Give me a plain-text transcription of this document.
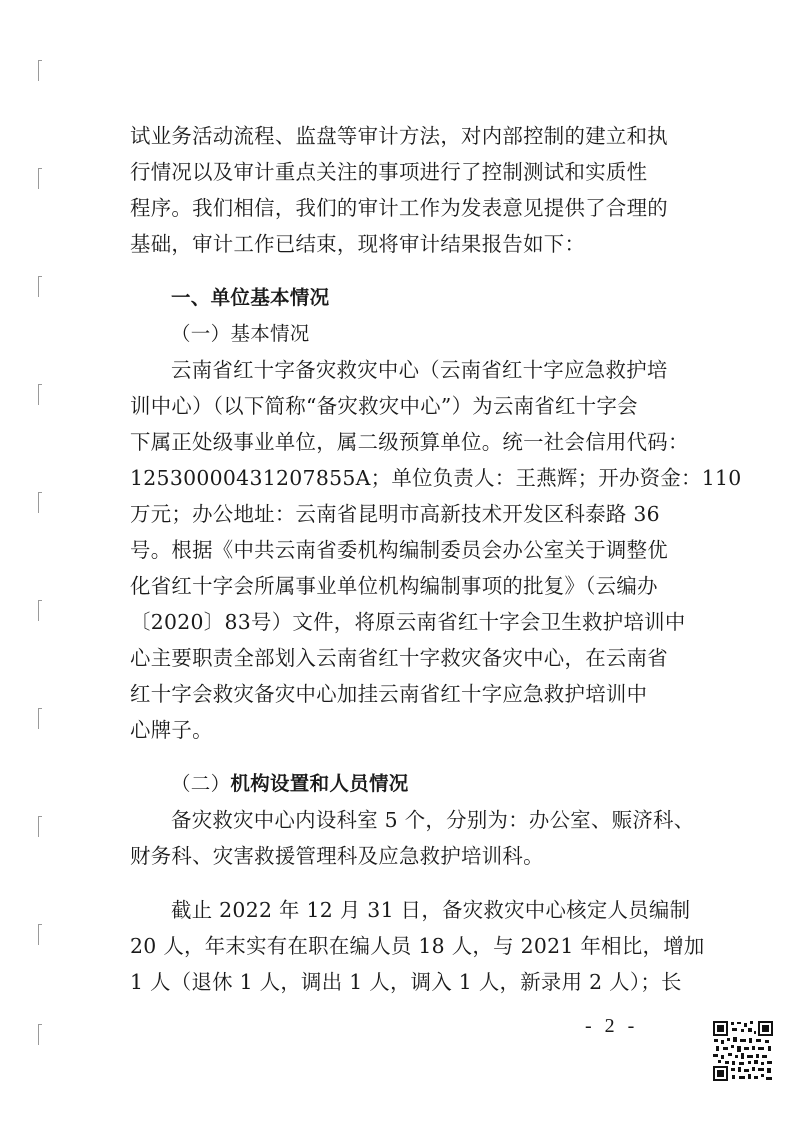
试业务活动流程、监盘等审计方法，对内部控制的建立和执
行情况以及审计重点关注的事项进行了控制测试和实质性
程序。我们相信，我们的审计工作为发表意见提供了合理的
基础，审计工作已结束，现将审计结果报告如下：
一、单位基本情况
（一）基本情况
云南省红十字备灾救灾中心（云南省红十字应急救护培
训中心）（以下简称“备灾救灾中心”）为云南省红十字会
下属正处级事业单位，属二级预算单位。统一社会信用代码：
12530000431207855A；单位负责人：王燕辉；开办资金：110
万元；办公地址：云南省昆明市高新技术开发区科泰路 36
号。根据《中共云南省委机构编制委员会办公室关于调整优
化省红十字会所属事业单位机构编制事项的批复》（云编办
〔2020〕83号）文件，将原云南省红十字会卫生救护培训中
心主要职责全部划入云南省红十字救灾备灾中心，在云南省
红十字会救灾备灾中心加挂云南省红十字应急救护培训中
心牌子。
（二）机构设置和人员情况
备灾救灾中心内设科室 5 个，分别为：办公室、赈济科、
财务科、灾害救援管理科及应急救护培训科。
截止 2022 年 12 月 31 日，备灾救灾中心核定人员编制
20 人，年末实有在职在编人员 18 人，与 2021 年相比，增加
1 人（退休 1 人，调出 1 人，调入 1 人，新录用 2 人）；长
- 2 -
